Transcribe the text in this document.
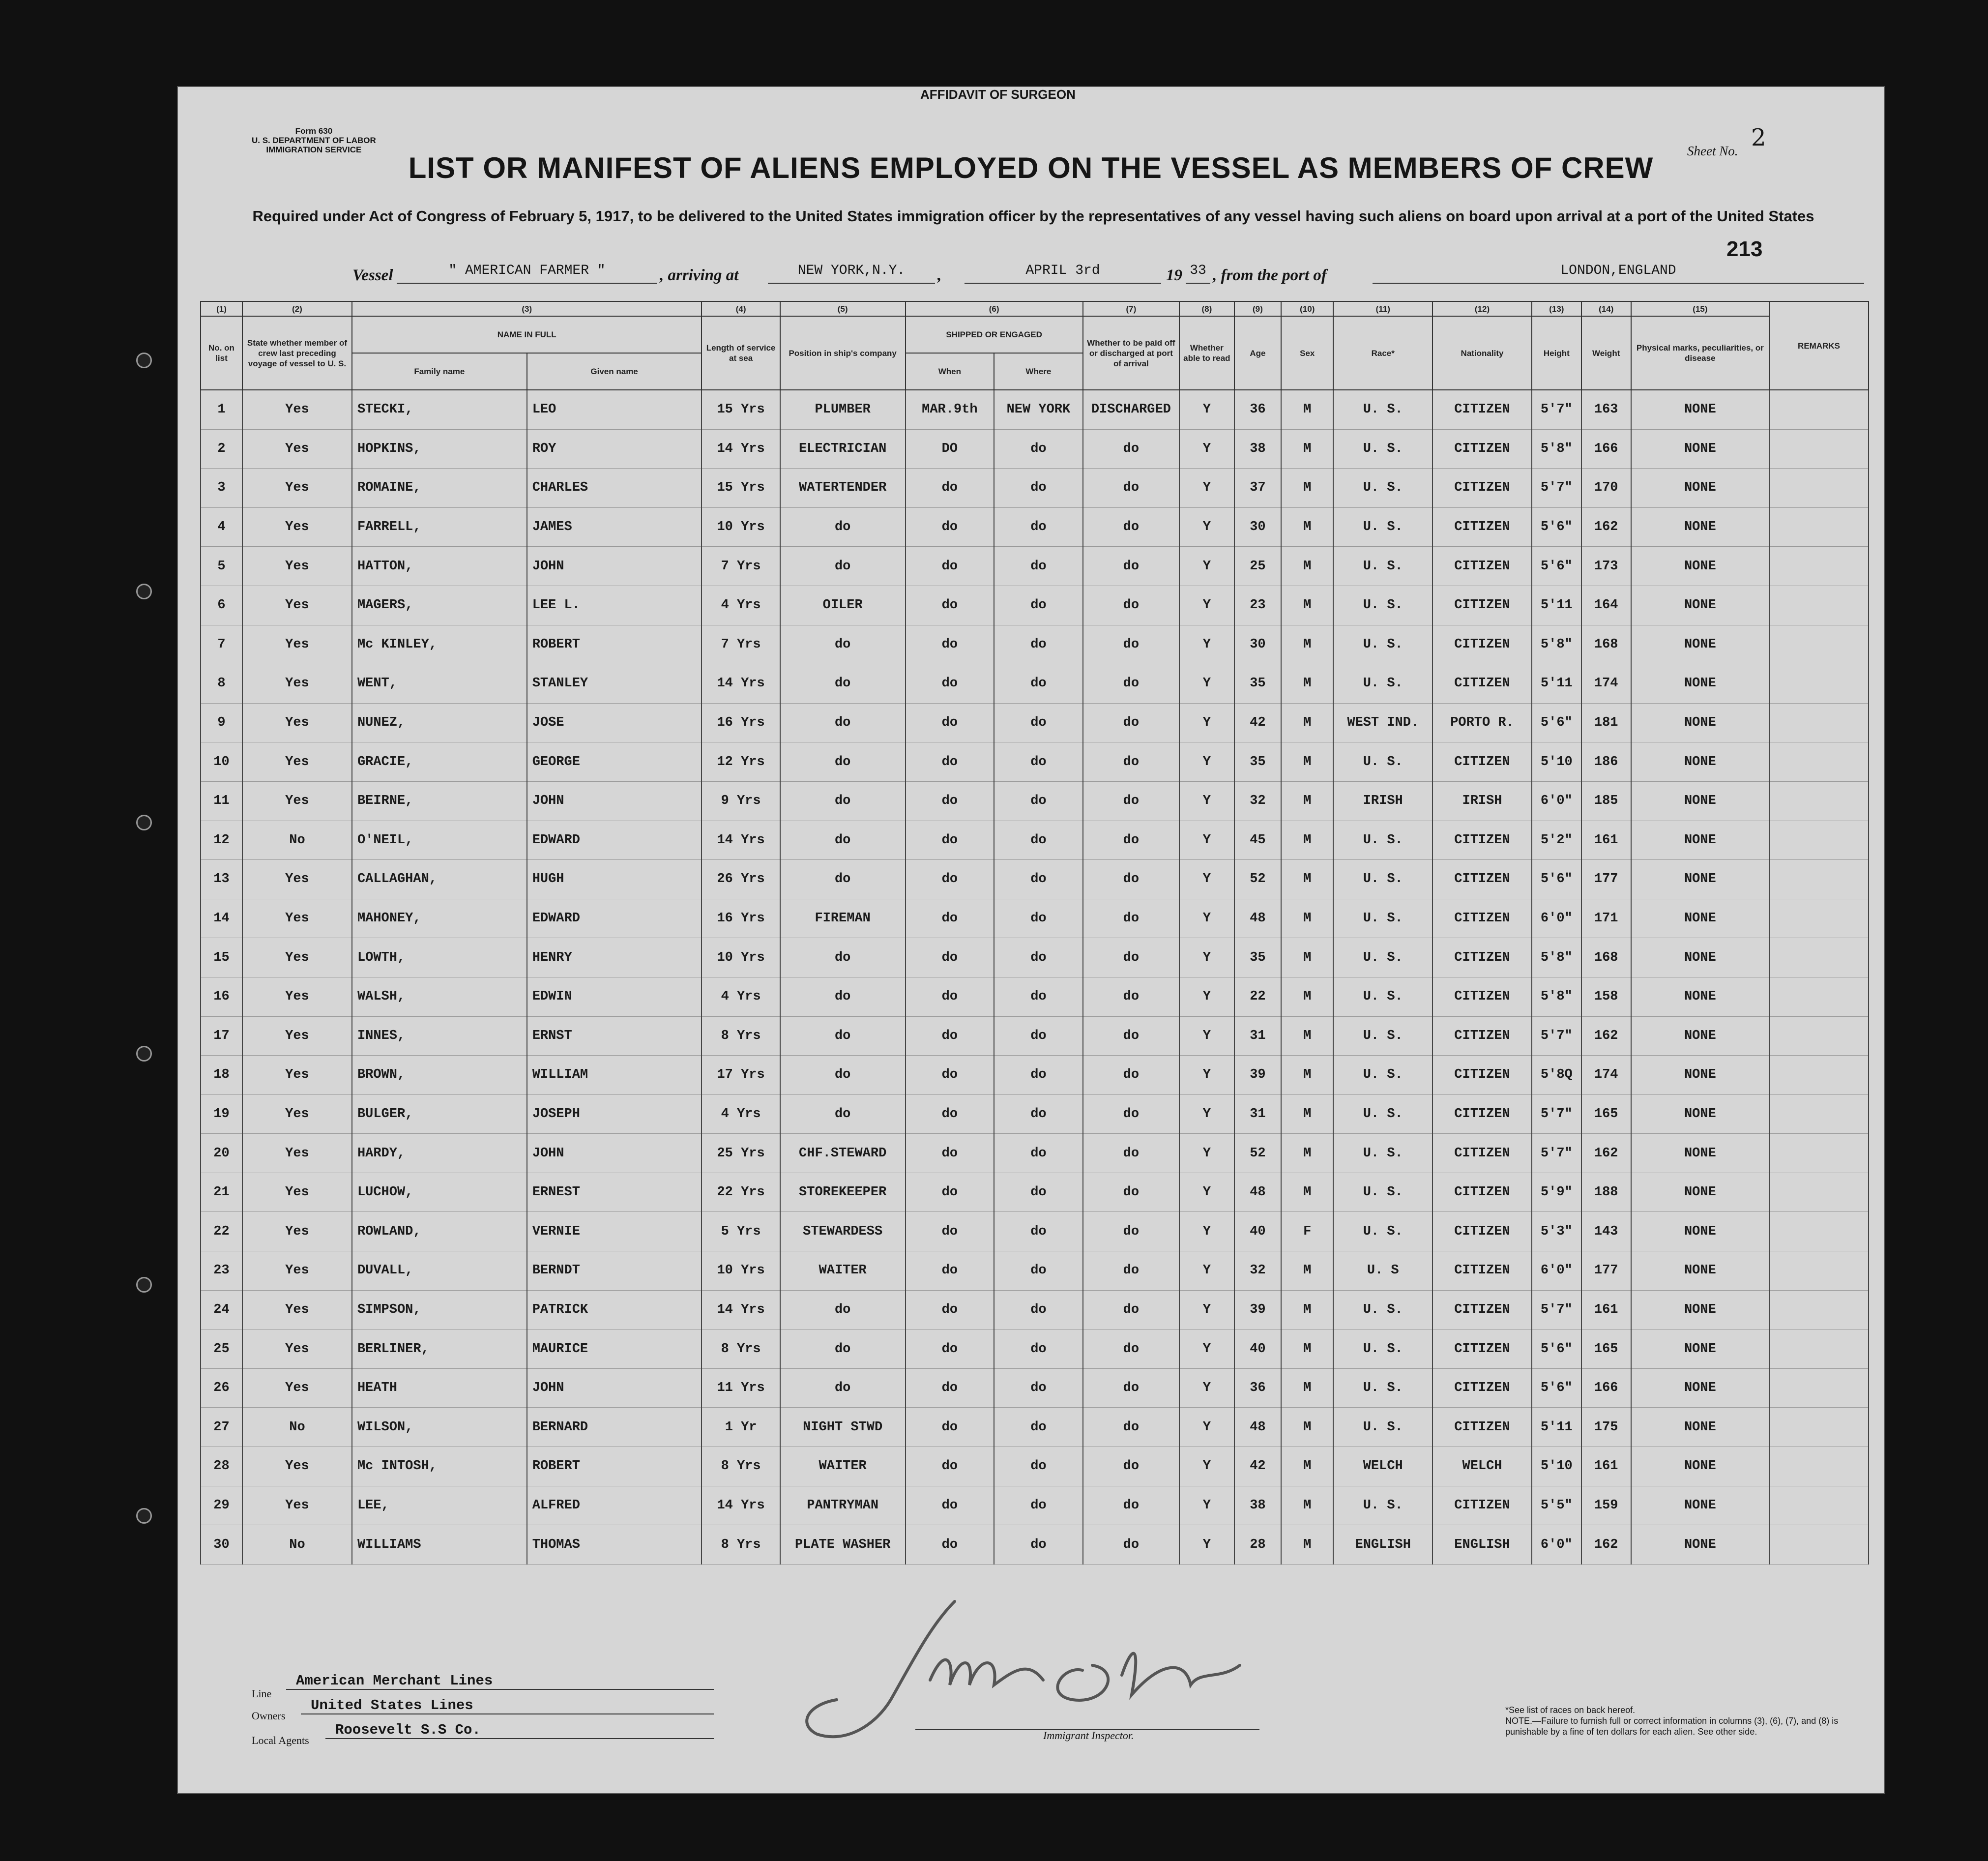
AFFIDAVIT OF SURGEON
Form 630
U. S. DEPARTMENT OF LABOR
IMMIGRATION SERVICE	Sheet No. 2
LIST OR MANIFEST OF ALIENS EMPLOYED ON THE VESSEL AS MEMBERS OF CREW
Required under Act of Congress of February 5, 1917, to be delivered to the United States immigration officer by the representatives of any vessel having such aliens on board upon arrival at a port of the United States
213
Vessel	" AMERICAN FARMER "	, arriving at	NEW YORK,N.Y.	,	APRIL 3rd	19 33 , from the port of	LONDON,ENGLAND
(1)	(2)	(3)		(4)	(5)	(6)		(7)	(8)	(9)	(10)	(11)	(12)	(13)	(14)	(15)	REMARKS
No. on list	State whether member of crew last preceding voyage of vessel to U. S.	NAME IN FULL		Length of service at sea	Position in ship's company	SHIPPED OR ENGAGED		Whether to be paid off or discharged at port of arrival	Whether able to read	Age	Sex	Race*	Nationality	Height	Weight	Physical marks, peculiarities, or disease	
		Family name	Given name			When	Where										
1	Yes	STECKI,	LEO	15 Yrs	PLUMBER	MAR.9th	NEW YORK	DISCHARGED	Y	36	M	U. S.	CITIZEN	5'7"	163	NONE	
2	Yes	HOPKINS,	ROY	14 Yrs	ELECTRICIAN	DO	do	do	Y	38	M	U. S.	CITIZEN	5'8"	166	NONE	
3	Yes	ROMAINE,	CHARLES	15 Yrs	WATERTENDER	do	do	do	Y	37	M	U. S.	CITIZEN	5'7"	170	NONE	
4	Yes	FARRELL,	JAMES	10 Yrs	do	do	do	do	Y	30	M	U. S.	CITIZEN	5'6"	162	NONE	
5	Yes	HATTON,	JOHN	7 Yrs	do	do	do	do	Y	25	M	U. S.	CITIZEN	5'6"	173	NONE	
6	Yes	MAGERS,	LEE L.	4 Yrs	OILER	do	do	do	Y	23	M	U. S.	CITIZEN	5'11	164	NONE	
7	Yes	Mc KINLEY,	ROBERT	7 Yrs	do	do	do	do	Y	30	M	U. S.	CITIZEN	5'8"	168	NONE	
8	Yes	WENT,	STANLEY	14 Yrs	do	do	do	do	Y	35	M	U. S.	CITIZEN	5'11	174	NONE	
9	Yes	NUNEZ,	JOSE	16 Yrs	do	do	do	do	Y	42	M	WEST IND.	PORTO R.	5'6"	181	NONE	
10	Yes	GRACIE,	GEORGE	12 Yrs	do	do	do	do	Y	35	M	U. S.	CITIZEN	5'10	186	NONE	
11	Yes	BEIRNE,	JOHN	9 Yrs	do	do	do	do	Y	32	M	IRISH	IRISH	6'0"	185	NONE	
12	No	O'NEIL,	EDWARD	14 Yrs	do	do	do	do	Y	45	M	U. S.	CITIZEN	5'2"	161	NONE	
13	Yes	CALLAGHAN,	HUGH	26 Yrs	do	do	do	do	Y	52	M	U. S.	CITIZEN	5'6"	177	NONE	
14	Yes	MAHONEY,	EDWARD	16 Yrs	FIREMAN	do	do	do	Y	48	M	U. S.	CITIZEN	6'0"	171	NONE	
15	Yes	LOWTH,	HENRY	10 Yrs	do	do	do	do	Y	35	M	U. S.	CITIZEN	5'8"	168	NONE	
16	Yes	WALSH,	EDWIN	4 Yrs	do	do	do	do	Y	22	M	U. S.	CITIZEN	5'8"	158	NONE	
17	Yes	INNES,	ERNST	8 Yrs	do	do	do	do	Y	31	M	U. S.	CITIZEN	5'7"	162	NONE	
18	Yes	BROWN,	WILLIAM	17 Yrs	do	do	do	do	Y	39	M	U. S.	CITIZEN	5'8Q	174	NONE	
19	Yes	BULGER,	JOSEPH	4 Yrs	do	do	do	do	Y	31	M	U. S.	CITIZEN	5'7"	165	NONE	
20	Yes	HARDY,	JOHN	25 Yrs	CHF.STEWARD	do	do	do	Y	52	M	U. S.	CITIZEN	5'7"	162	NONE	
21	Yes	LUCHOW,	ERNEST	22 Yrs	STOREKEEPER	do	do	do	Y	48	M	U. S.	CITIZEN	5'9"	188	NONE	
22	Yes	ROWLAND,	VERNIE	5 Yrs	STEWARDESS	do	do	do	Y	40	F	U. S.	CITIZEN	5'3"	143	NONE	
23	Yes	DUVALL,	BERNDT	10 Yrs	WAITER	do	do	do	Y	32	M	U. S	CITIZEN	6'0"	177	NONE	
24	Yes	SIMPSON,	PATRICK	14 Yrs	do	do	do	do	Y	39	M	U. S.	CITIZEN	5'7"	161	NONE	
25	Yes	BERLINER,	MAURICE	8 Yrs	do	do	do	do	Y	40	M	U. S.	CITIZEN	5'6"	165	NONE	
26	Yes	HEATH	JOHN	11 Yrs	do	do	do	do	Y	36	M	U. S.	CITIZEN	5'6"	166	NONE	
27	No	WILSON,	BERNARD	1 Yr	NIGHT STWD	do	do	do	Y	48	M	U. S.	CITIZEN	5'11	175	NONE	
28	Yes	Mc INTOSH,	ROBERT	8 Yrs	WAITER	do	do	do	Y	42	M	WELCH	WELCH	5'10	161	NONE	
29	Yes	LEE,	ALFRED	14 Yrs	PANTRYMAN	do	do	do	Y	38	M	U. S.	CITIZEN	5'5"	159	NONE	
30	No	WILLIAMS	THOMAS	8 Yrs	PLATE WASHER	do	do	do	Y	28	M	ENGLISH	ENGLISH	6'0"	162	NONE	
Line
American Merchant Lines
Owners
United States Lines
Local Agents
Roosevelt S.S Co.	Immigrant Inspector.
*See list of races on back hereof.
NOTE.—Failure to furnish full or correct information in columns (3), (6), (7), and (8) is punishable by a fine of ten dollars for each alien. See other side.
